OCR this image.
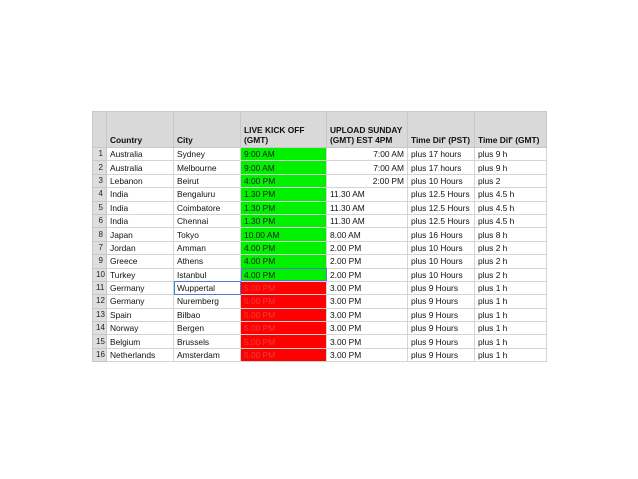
	Country	City	LIVE KICK OFF (GMT)	UPLOAD SUNDAY (GMT) EST 4PM	Time Dif' (PST)	Time Dif' (GMT)
1	Australia	Sydney	9:00 AM	7:00 AM	plus 17 hours	plus 9 h
2	Australia	Melbourne	9:00 AM	7:00 AM	plus 17 hours	plus 9 h
3	Lebanon	Beirut	4:00 PM	2:00 PM	plus 10 Hours	plus 2
4	India	Bengaluru	1.30 PM	11.30 AM	plus 12.5 Hours	plus 4.5 h
5	India	Coimbatore	1.30 PM	11.30 AM	plus 12.5 Hours	plus 4.5 h
6	India	Chennai	1.30 PM	11.30 AM	plus 12.5 Hours	plus 4.5 h
8	Japan	Tokyo	10.00 AM	8.00 AM	plus 16 Hours	plus 8 h
7	Jordan	Amman	4.00 PM	2.00 PM	plus 10 Hours	plus 2 h
9	Greece	Athens	4.00 PM	2.00 PM	plus 10 Hours	plus 2 h
10	Turkey	Istanbul	4.00 PM	2.00 PM	plus 10 Hours	plus 2 h
11	Germany	Wuppertal	5.00 PM	3.00 PM	plus 9 Hours	plus 1 h
12	Germany	Nuremberg	5.00 PM	3.00 PM	plus 9 Hours	plus 1 h
13	Spain	Bilbao	5.00 PM	3.00 PM	plus 9 Hours	plus 1 h
14	Norway	Bergen	5.00 PM	3.00 PM	plus 9 Hours	plus 1 h
15	Belgium	Brussels	5.00 PM	3.00 PM	plus 9 Hours	plus 1 h
16	Netherlands	Amsterdam	5.00 PM	3.00 PM	plus 9 Hours	plus 1 h
